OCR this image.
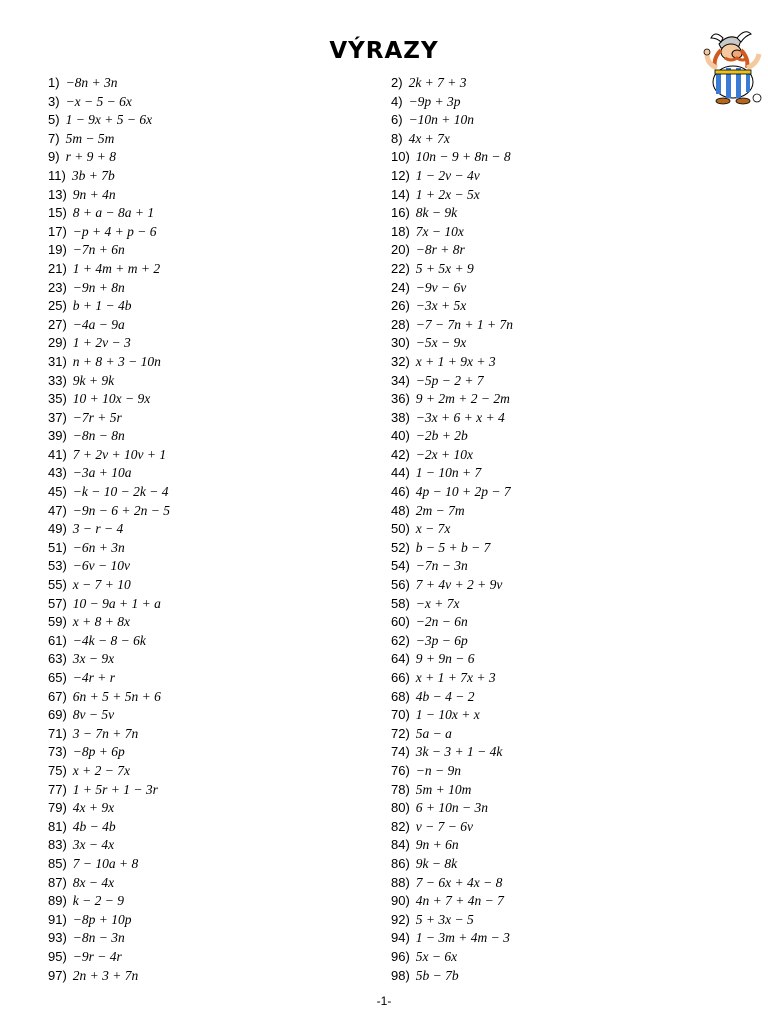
VÝRAZY
1) −8n + 3n
3) −x − 5 − 6x
5) 1 − 9x + 5 − 6x
7) 5m − 5m
9) r + 9 + 8
11) 3b + 7b
13) 9n + 4n
15) 8 + a − 8a + 1
17) −p + 4 + p − 6
19) −7n + 6n
21) 1 + 4m + m + 2
23) −9n + 8n
25) b + 1 − 4b
27) −4a − 9a
29) 1 + 2v − 3
31) n + 8 + 3 − 10n
33) 9k + 9k
35) 10 + 10x − 9x
37) −7r + 5r
39) −8n − 8n
41) 7 + 2v + 10v + 1
43) −3a + 10a
45) −k − 10 − 2k − 4
47) −9n − 6 + 2n − 5
49) 3 − r − 4
51) −6n + 3n
53) −6v − 10v
55) x − 7 + 10
57) 10 − 9a + 1 + a
59) x + 8 + 8x
61) −4k − 8 − 6k
63) 3x − 9x
65) −4r + r
67) 6n + 5 + 5n + 6
69) 8v − 5v
71) 3 − 7n + 7n
73) −8p + 6p
75) x + 2 − 7x
77) 1 + 5r + 1 − 3r
79) 4x + 9x
81) 4b − 4b
83) 3x − 4x
85) 7 − 10a + 8
87) 8x − 4x
89) k − 2 − 9
91) −8p + 10p
93) −8n − 3n
95) −9r − 4r
97) 2n + 3 + 7n
2) 2k + 7 + 3
4) −9p + 3p
6) −10n + 10n
8) 4x + 7x
10) 10n − 9 + 8n − 8
12) 1 − 2v − 4v
14) 1 + 2x − 5x
16) 8k − 9k
18) 7x − 10x
20) −8r + 8r
22) 5 + 5x + 9
24) −9v − 6v
26) −3x + 5x
28) −7 − 7n + 1 + 7n
30) −5x − 9x
32) x + 1 + 9x + 3
34) −5p − 2 + 7
36) 9 + 2m + 2 − 2m
38) −3x + 6 + x + 4
40) −2b + 2b
42) −2x + 10x
44) 1 − 10n + 7
46) 4p − 10 + 2p − 7
48) 2m − 7m
50) x − 7x
52) b − 5 + b − 7
54) −7n − 3n
56) 7 + 4v + 2 + 9v
58) −x + 7x
60) −2n − 6n
62) −3p − 6p
64) 9 + 9n − 6
66) x + 1 + 7x + 3
68) 4b − 4 − 2
70) 1 − 10x + x
72) 5a − a
74) 3k − 3 + 1 − 4k
76) −n − 9n
78) 5m + 10m
80) 6 + 10n − 3n
82) v − 7 − 6v
84) 9n + 6n
86) 9k − 8k
88) 7 − 6x + 4x − 8
90) 4n + 7 + 4n − 7
92) 5 + 3x − 5
94) 1 − 3m + 4m − 3
96) 5x − 6x
98) 5b − 7b
-1-
